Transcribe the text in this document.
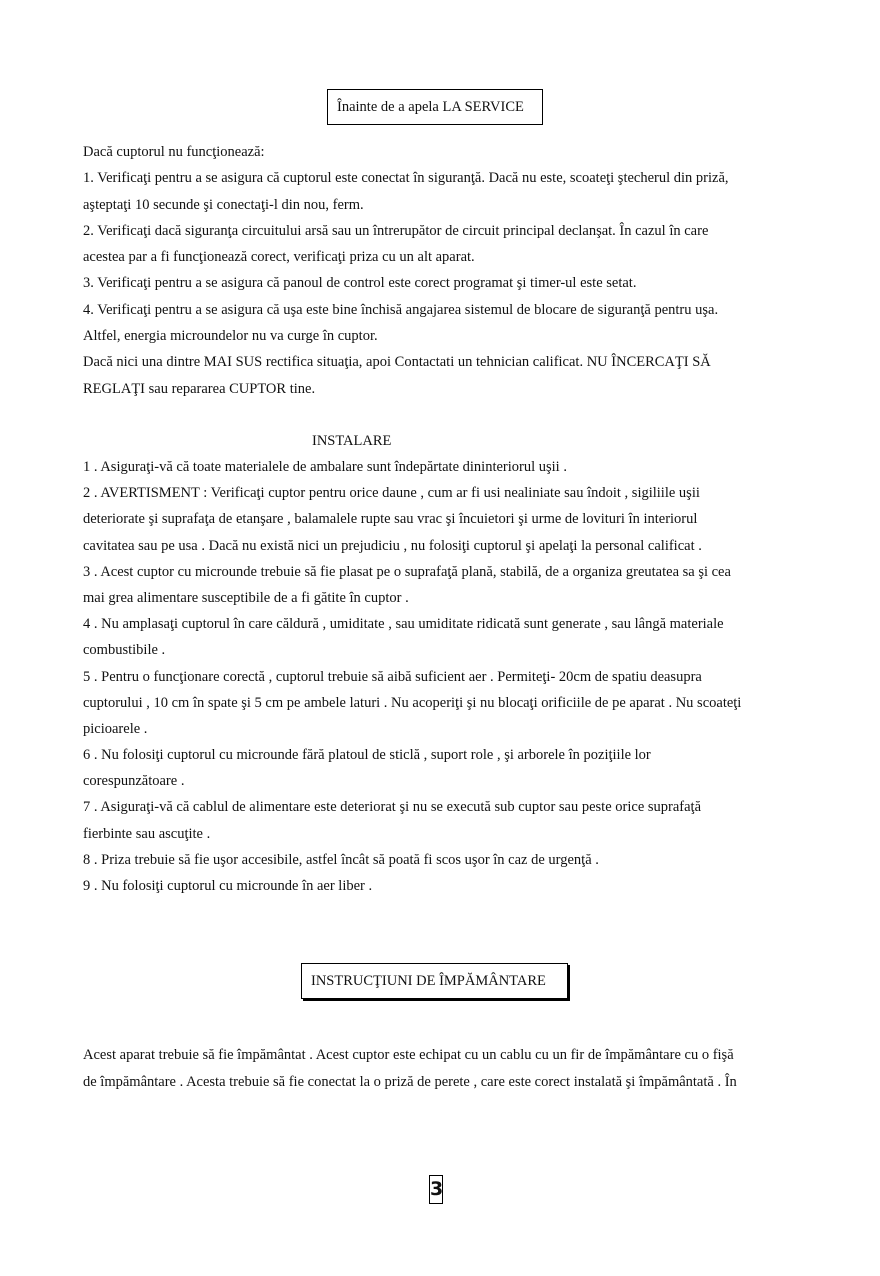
Înainte de a apela LA SERVICE
Dacă cuptorul nu funcţionează:
1. Verificaţi pentru a se asigura că cuptorul este conectat în siguranţă. Dacă nu este, scoateţi ştecherul din priză,
aşteptaţi 10 secunde şi conectaţi-l din nou, ferm.
2. Verificaţi dacă siguranţa circuitului arsă sau un întrerupător de circuit principal declanşat. În cazul în care
acestea par a fi funcţionează corect, verificaţi priza cu un alt aparat.
3. Verificaţi pentru a se asigura că panoul de control este corect programat şi timer-ul este setat.
4. Verificaţi pentru a se asigura că uşa este bine închisă angajarea sistemul de blocare de siguranţă pentru uşa.
Altfel, energia microundelor nu va curge în cuptor.
Dacă nici una dintre MAI SUS rectifica situaţia, apoi Contactati un tehnician calificat. NU ÎNCERCAŢI SĂ
REGLAŢI sau repararea CUPTOR tine.
INSTALARE
1 . Asiguraţi-vă că toate materialele de ambalare sunt îndepărtate dininteriorul uşii .
2 . AVERTISMENT : Verificaţi cuptor pentru orice daune , cum ar fi usi nealiniate sau îndoit , sigiliile uşii
deteriorate şi suprafaţa de etanşare , balamalele rupte sau vrac şi încuietori şi urme de lovituri în interiorul
cavitatea sau pe usa . Dacă nu există nici un prejudiciu , nu folosiţi cuptorul şi apelaţi la personal calificat .
3 . Acest cuptor cu microunde trebuie să fie plasat pe o suprafaţă plană, stabilă, de a organiza greutatea sa şi cea
mai grea alimentare susceptibile de a fi gătite în cuptor .
4 . Nu amplasaţi cuptorul în care căldură , umiditate , sau umiditate ridicată sunt generate , sau lângă materiale
combustibile .
5 . Pentru o funcţionare corectă , cuptorul trebuie să aibă suficient aer . Permiteţi- 20cm de spatiu deasupra
cuptorului , 10 cm în spate şi 5 cm pe ambele laturi . Nu acoperiţi şi nu blocaţi orificiile de pe aparat . Nu scoateţi
picioarele .
6 . Nu folosiţi cuptorul cu microunde fără platoul de sticlă , suport role , şi arborele în poziţiile lor
corespunzătoare .
7 . Asiguraţi-vă că cablul de alimentare este deteriorat şi nu se execută sub cuptor sau peste orice suprafaţă
fierbinte sau ascuţite .
8 . Priza trebuie să fie uşor accesibile, astfel încât să poată fi scos uşor în caz de urgenţă .
9 . Nu folosiţi cuptorul cu microunde în aer liber .
INSTRUCŢIUNI DE ÎMPĂMÂNTARE
Acest aparat trebuie să fie împământat . Acest cuptor este echipat cu un cablu cu un fir de împământare cu o fişă
de împământare . Acesta trebuie să fie conectat la o priză de perete , care este corect instalată şi împământată . În
3
